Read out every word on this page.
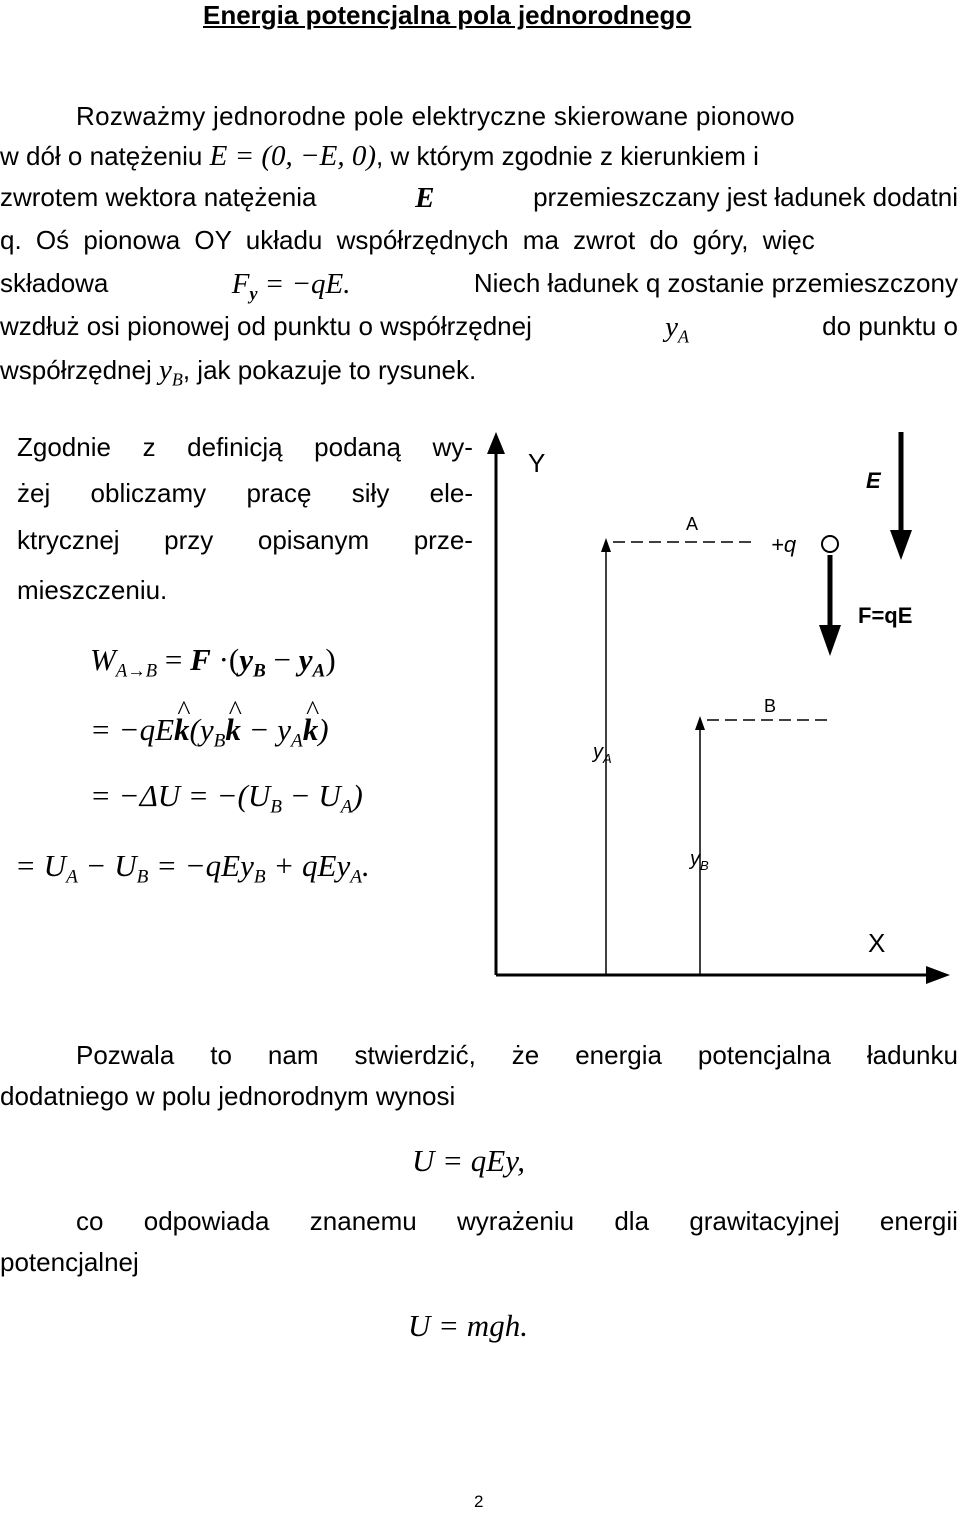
Energia potencjalna pola jednorodnego
Rozważmy jednorodne pole elektryczne skierowane pionowo
w dół o natężeniu E = (0, −E, 0), w którym zgodnie z kierunkiem i
zwrotem wektora natężenia	E	przemieszczany jest ładunek dodatni
q. Oś pionowa OY układu współrzędnych ma zwrot do góry, więc
składowa	$F_y = -qE$.	Niech ładunek q zostanie przemieszczony
wzdłuż osi pionowej od punktu o współrzędnej	$y_A$	do punktu o
współrzędnej $y_B$, jak pokazuje to rysunek.
Zgodnie z definicją podaną wy-
żej obliczamy pracę siły ele-
ktrycznej przy opisanym prze-
mieszczeniu.
$W_{A\to B} = F \cdot(y_B - y_A)$
= −qE^ $k(y_B\^{}$ $k - y_A\^{}$ k)
= $-\Delta U = -(U_B - U_A)$
= $U_A - U_B = -qEy_B + qEy_A$.
Y
X
A
B
$y_A$
$y_B$
+q
E
F=qE
Pozwala to nam stwierdzić, że energia potencjalna ładunku
dodatniego w polu jednorodnym wynosi
U = qEy,
co odpowiada znanemu wyrażeniu dla grawitacyjnej energii
potencjalnej
U = mgh.
2
